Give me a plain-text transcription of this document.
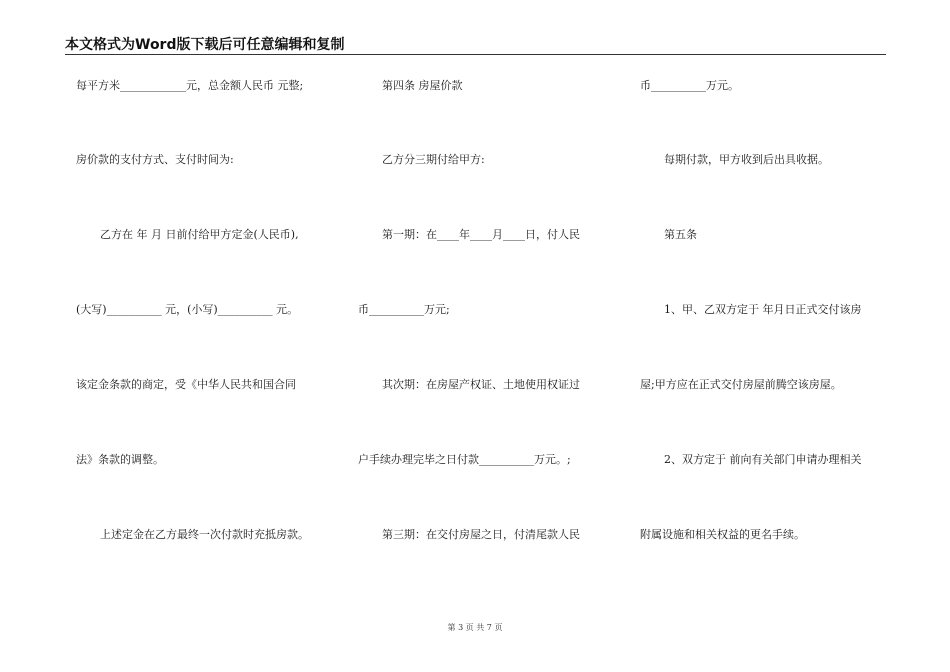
本文格式为Word版下载后可任意编辑和复制
每平方米____________元，总金额人民币 元整;
房价款的支付方式、支付时间为:
乙方在 年 月 日前付给甲方定金(人民币),
(大写)__________ 元，(小写)__________ 元。
该定金条款的商定，受《中华人民共和国合同
法》条款的调整。
上述定金在乙方最终一次付款时充抵房款。
第四条 房屋价款
乙方分三期付给甲方:
第一期：在____年____月____日，付人民
币__________万元;
其次期：在房屋产权证、土地使用权证过
户手续办理完毕之日付款__________万元。;
第三期：在交付房屋之日，付清尾款人民
币__________万元。
每期付款，甲方收到后出具收据。
第五条
1、甲、乙双方定于 年月日正式交付该房
屋;甲方应在正式交付房屋前腾空该房屋。
2、双方定于 前向有关部门申请办理相关
附属设施和相关权益的更名手续。
第 3 页 共 7 页
